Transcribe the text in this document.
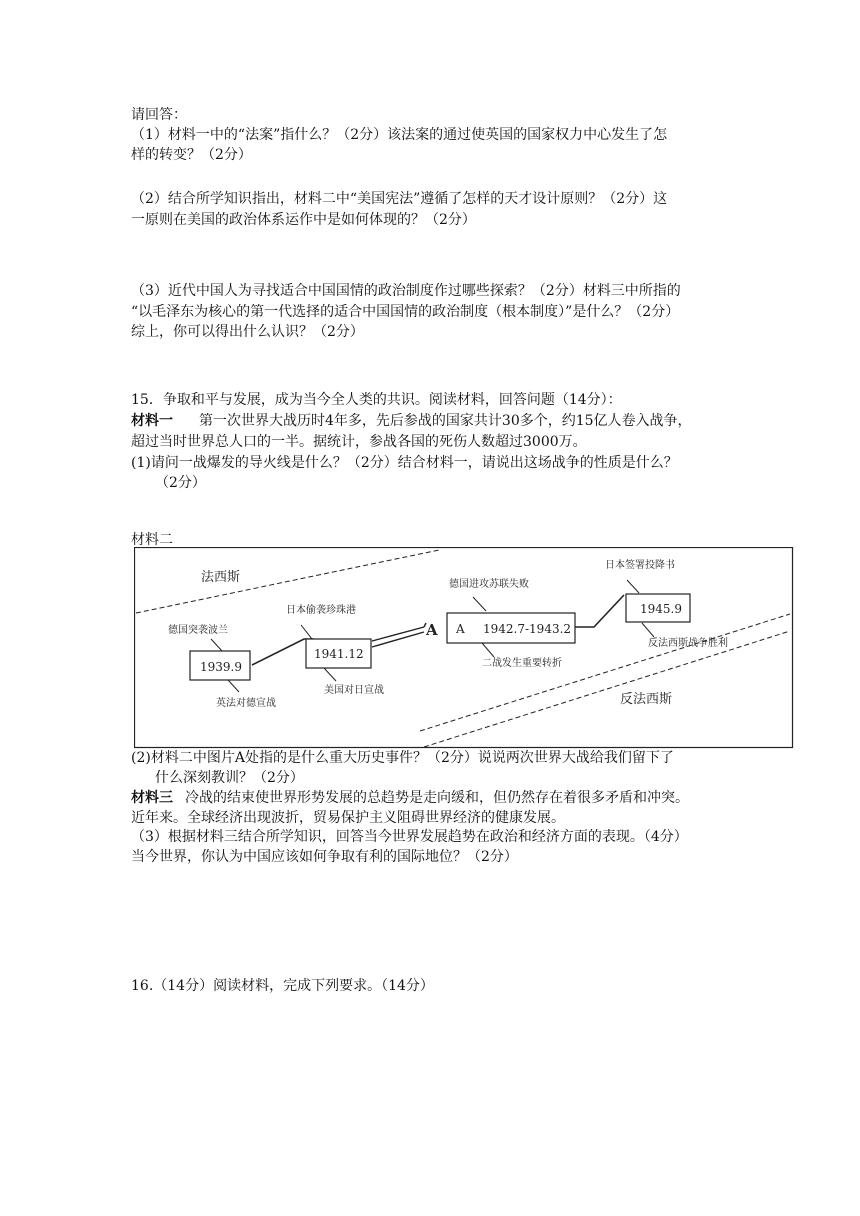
请回答：
（1）材料一中的“法案”指什么？（2分）该法案的通过使英国的国家权力中心发生了怎
样的转变？（2分）
（2）结合所学知识指出，材料二中“美国宪法”遵循了怎样的天才设计原则？（2分）这
一原则在美国的政治体系运作中是如何体现的？（2分）
（3）近代中国人为寻找适合中国国情的政治制度作过哪些探索？（2分）材料三中所指的
“以毛泽东为核心的第一代选择的适合中国国情的政治制度（根本制度）”是什么？（2分）
综上，你可以得出什么认识？（2分）
15．争取和平与发展，成为当今全人类的共识。阅读材料，回答问题（14分）：
材料一 第一次世界大战历时4年多，先后参战的国家共计30多个，约15亿人卷入战争，
超过当时世界总人口的一半。据统计，参战各国的死伤人数超过3000万。
(1)请问一战爆发的导火线是什么？（2分）结合材料一，请说出这场战争的性质是什么？
（2分）
材料二
法西斯
反法西斯
德国突袭波兰
1939.9
英法对德宣战
日本偷袭珍珠港
1941.12
美国对日宣战
A A 1942.7-1943.2
德国进攻苏联失败
二战发生重要转折
日本签署投降书
1945.9
反法西斯战争胜利
(2)材料二中图片A处指的是什么重大历史事件？（2分）说说两次世界大战给我们留下了
什么深刻教训？（2分）
材料三 冷战的结束使世界形势发展的总趋势是走向缓和，但仍然存在着很多矛盾和冲突。
近年来。全球经济出现波折，贸易保护主义阻碍世界经济的健康发展。
（3）根据材料三结合所学知识，回答当今世界发展趋势在政治和经济方面的表现。（4分）
当今世界，你认为中国应该如何争取有利的国际地位？（2分）
16.（14分）阅读材料，完成下列要求。（14分）
